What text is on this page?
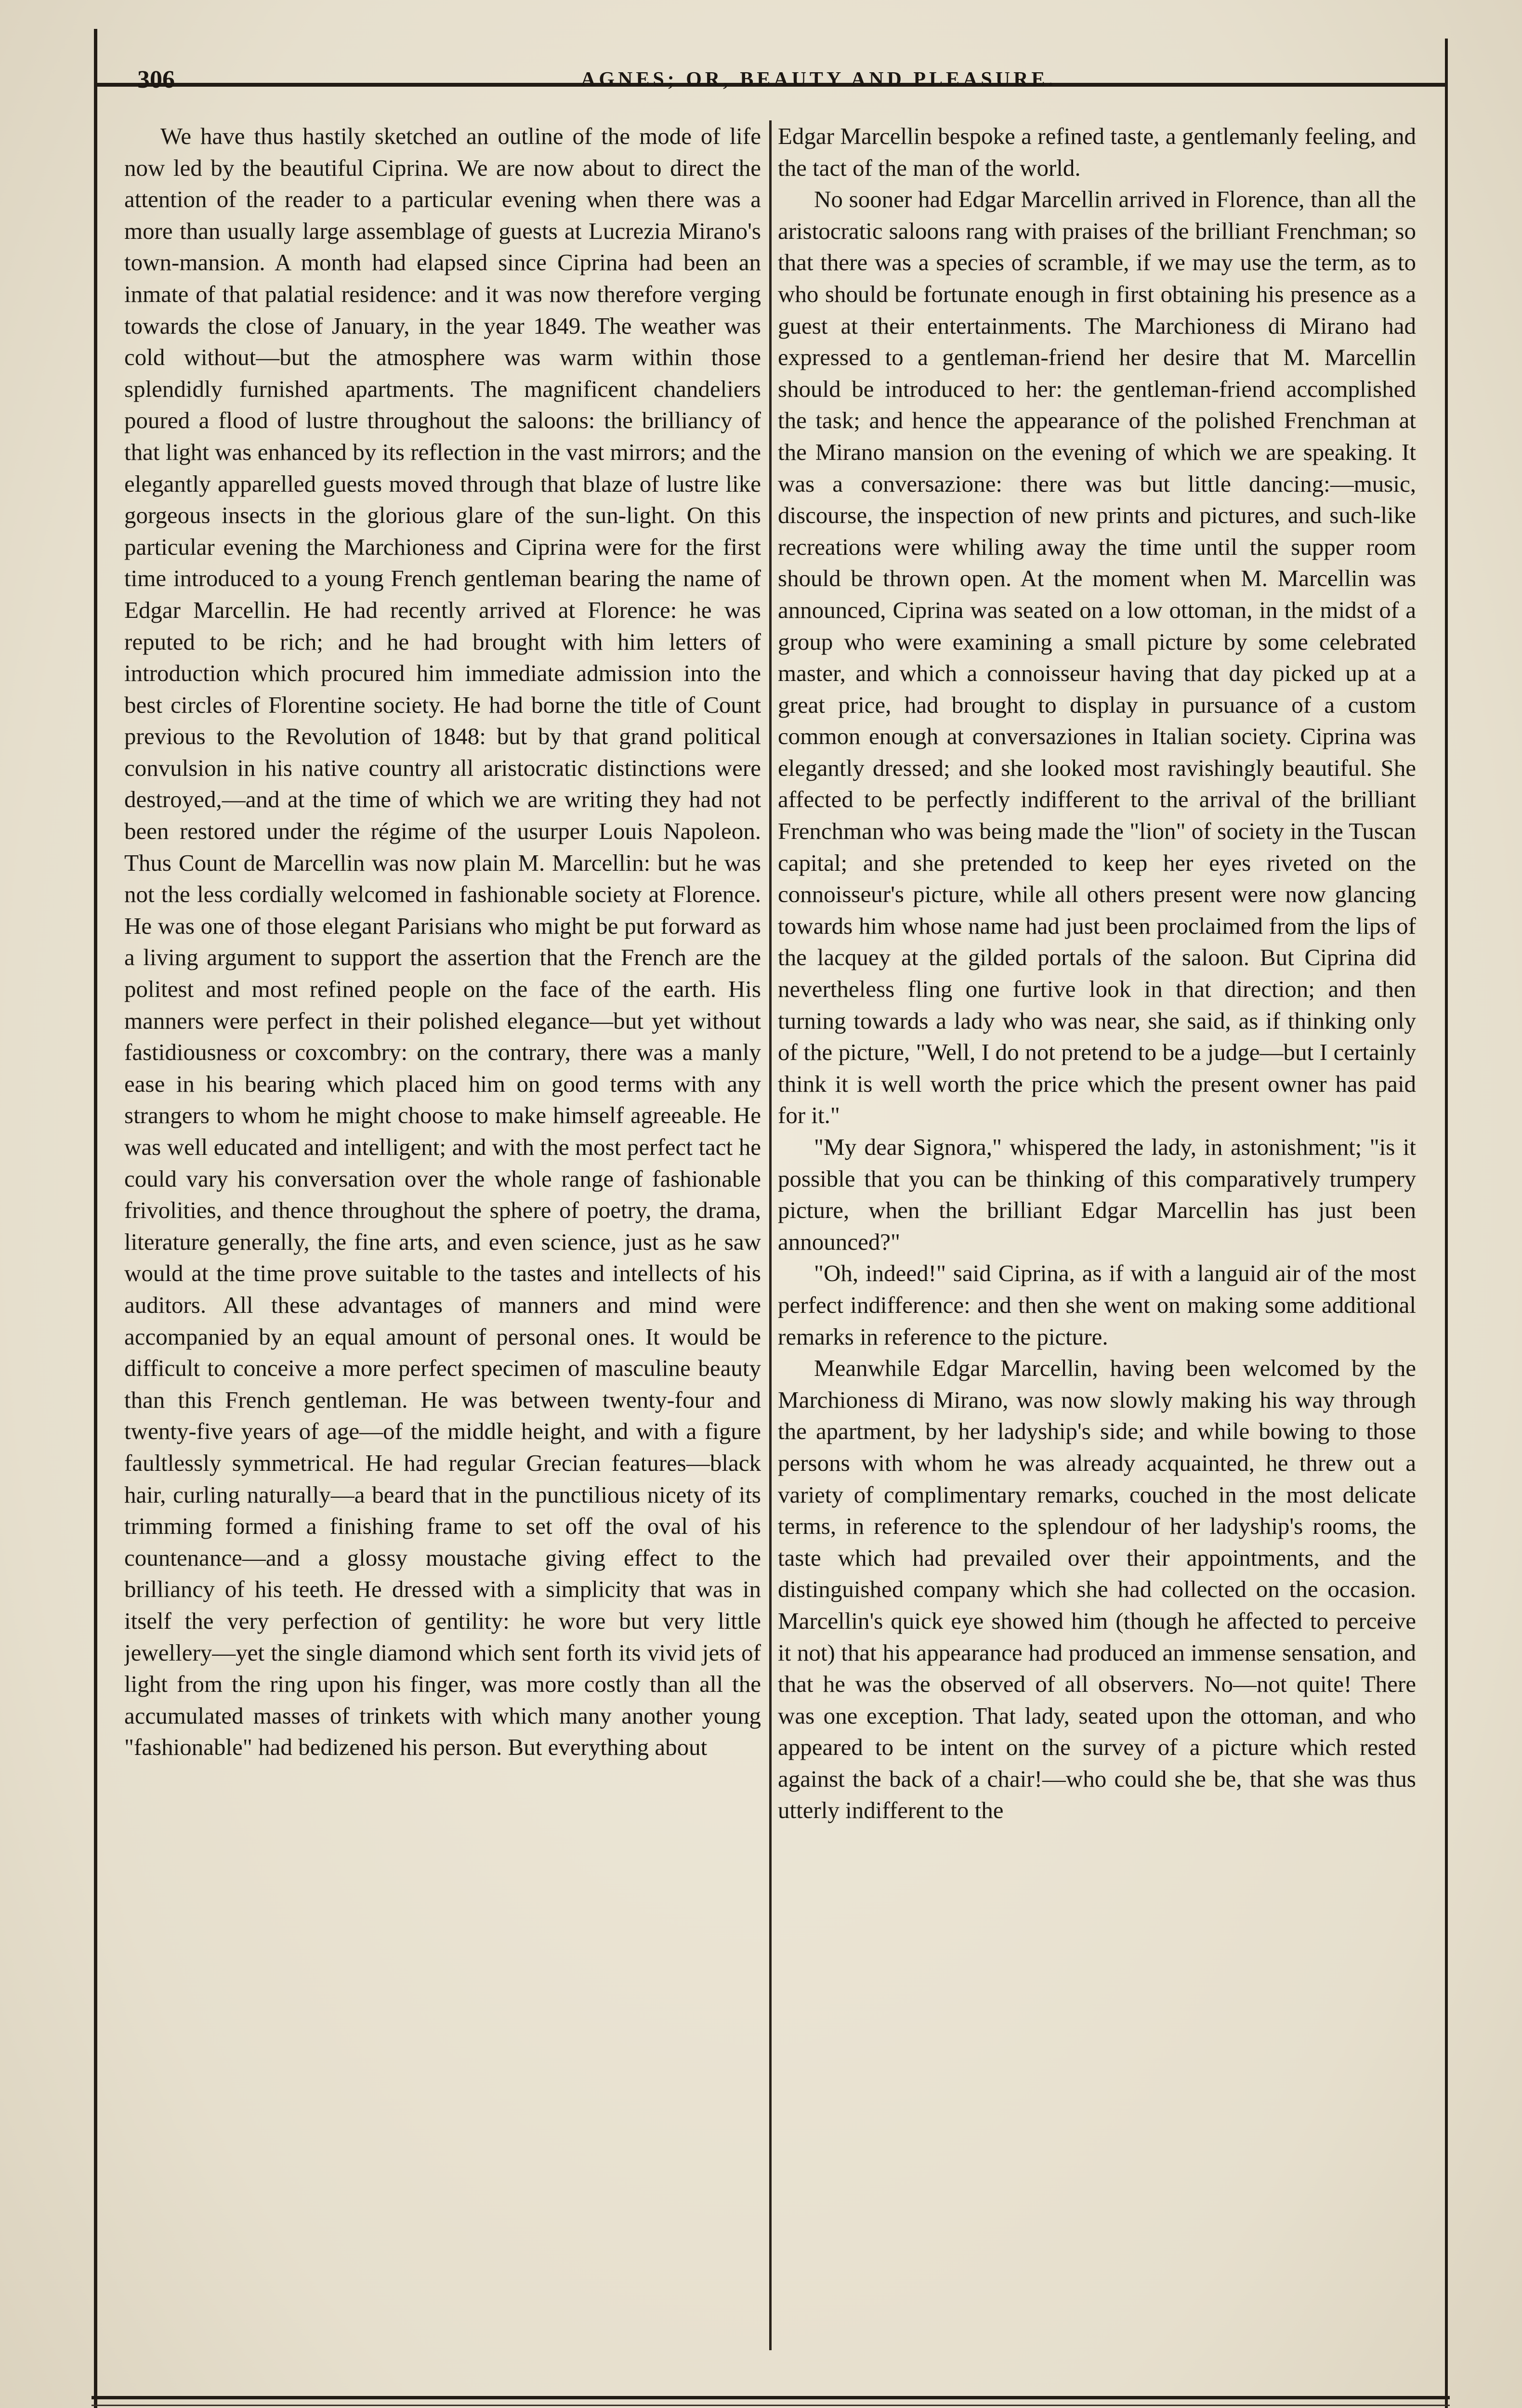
306	AGNES; OR, BEAUTY AND PLEASURE.

We have thus hastily sketched an outline of the mode of life now led by the beautiful Ciprina. We are now about to direct the attention of the reader to a particular evening when there was a more than usually large assemblage of guests at Lucrezia Mirano's town-mansion. A month had elapsed since Ciprina had been an inmate of that palatial residence: and it was now therefore verging towards the close of January, in the year 1849. The weather was cold without—but the atmosphere was warm within those splendidly furnished apartments. The magnificent chandeliers poured a flood of lustre throughout the saloons: the brilliancy of that light was enhanced by its reflection in the vast mirrors; and the elegantly apparelled guests moved through that blaze of lustre like gorgeous insects in the glorious glare of the sun-light. On this particular evening the Marchioness and Ciprina were for the first time introduced to a young French gentleman bearing the name of Edgar Marcellin. He had recently arrived at Florence: he was reputed to be rich; and he had brought with him letters of introduction which procured him immediate admission into the best circles of Florentine society. He had borne the title of Count previous to the Revolution of 1848: but by that grand political convulsion in his native country all aristocratic distinctions were destroyed,—and at the time of which we are writing they had not been restored under the régime of the usurper Louis Napoleon. Thus Count de Marcellin was now plain M. Marcellin: but he was not the less cordially welcomed in fashionable society at Florence. He was one of those elegant Parisians who might be put forward as a living argument to support the assertion that the French are the politest and most refined people on the face of the earth. His manners were perfect in their polished elegance—but yet without fastidiousness or coxcombry: on the contrary, there was a manly ease in his bearing which placed him on good terms with any strangers to whom he might choose to make himself agreeable. He was well educated and intelligent; and with the most perfect tact he could vary his conversation over the whole range of fashionable frivolities, and thence throughout the sphere of poetry, the drama, literature generally, the fine arts, and even science, just as he saw would at the time prove suitable to the tastes and intellects of his auditors. All these advantages of manners and mind were accompanied by an equal amount of personal ones. It would be difficult to conceive a more perfect specimen of masculine beauty than this French gentleman. He was between twenty-four and twenty-five years of age—of the middle height, and with a figure faultlessly symmetrical. He had regular Grecian features—black hair, curling naturally—a beard that in the punctilious nicety of its trimming formed a finishing frame to set off the oval of his countenance—and a glossy moustache giving effect to the brilliancy of his teeth. He dressed with a simplicity that was in itself the very perfection of gentility: he wore but very little jewellery—yet the single diamond which sent forth its vivid jets of light from the ring upon his finger, was more costly than all the accumulated masses of trinkets with which many another young "fashionable" had bedizened his person. But everything about

Edgar Marcellin bespoke a refined taste, a gentlemanly feeling, and the tact of the man of the world.

No sooner had Edgar Marcellin arrived in Florence, than all the aristocratic saloons rang with praises of the brilliant Frenchman; so that there was a species of scramble, if we may use the term, as to who should be fortunate enough in first obtaining his presence as a guest at their entertainments. The Marchioness di Mirano had expressed to a gentleman-friend her desire that M. Marcellin should be introduced to her: the gentleman-friend accomplished the task; and hence the appearance of the polished Frenchman at the Mirano mansion on the evening of which we are speaking. It was a conversazione: there was but little dancing:—music, discourse, the inspection of new prints and pictures, and such-like recreations were whiling away the time until the supper room should be thrown open. At the moment when M. Marcellin was announced, Ciprina was seated on a low ottoman, in the midst of a group who were examining a small picture by some celebrated master, and which a connoisseur having that day picked up at a great price, had brought to display in pursuance of a custom common enough at conversaziones in Italian society. Ciprina was elegantly dressed; and she looked most ravishingly beautiful. She affected to be perfectly indifferent to the arrival of the brilliant Frenchman who was being made the "lion" of society in the Tuscan capital; and she pretended to keep her eyes riveted on the connoisseur's picture, while all others present were now glancing towards him whose name had just been proclaimed from the lips of the lacquey at the gilded portals of the saloon. But Ciprina did nevertheless fling one furtive look in that direction; and then turning towards a lady who was near, she said, as if thinking only of the picture, "Well, I do not pretend to be a judge—but I certainly think it is well worth the price which the present owner has paid for it."

"My dear Signora," whispered the lady, in astonishment; "is it possible that you can be thinking of this comparatively trumpery picture, when the brilliant Edgar Marcellin has just been announced?"

"Oh, indeed!" said Ciprina, as if with a languid air of the most perfect indifference: and then she went on making some additional remarks in reference to the picture.

Meanwhile Edgar Marcellin, having been welcomed by the Marchioness di Mirano, was now slowly making his way through the apartment, by her ladyship's side; and while bowing to those persons with whom he was already acquainted, he threw out a variety of complimentary remarks, couched in the most delicate terms, in reference to the splendour of her ladyship's rooms, the taste which had prevailed over their appointments, and the distinguished company which she had collected on the occasion. Marcellin's quick eye showed him (though he affected to perceive it not) that his appearance had produced an immense sensation, and that he was the observed of all observers. No—not quite! There was one exception. That lady, seated upon the ottoman, and who appeared to be intent on the survey of a picture which rested against the back of a chair!—who could she be, that she was thus utterly indifferent to the
